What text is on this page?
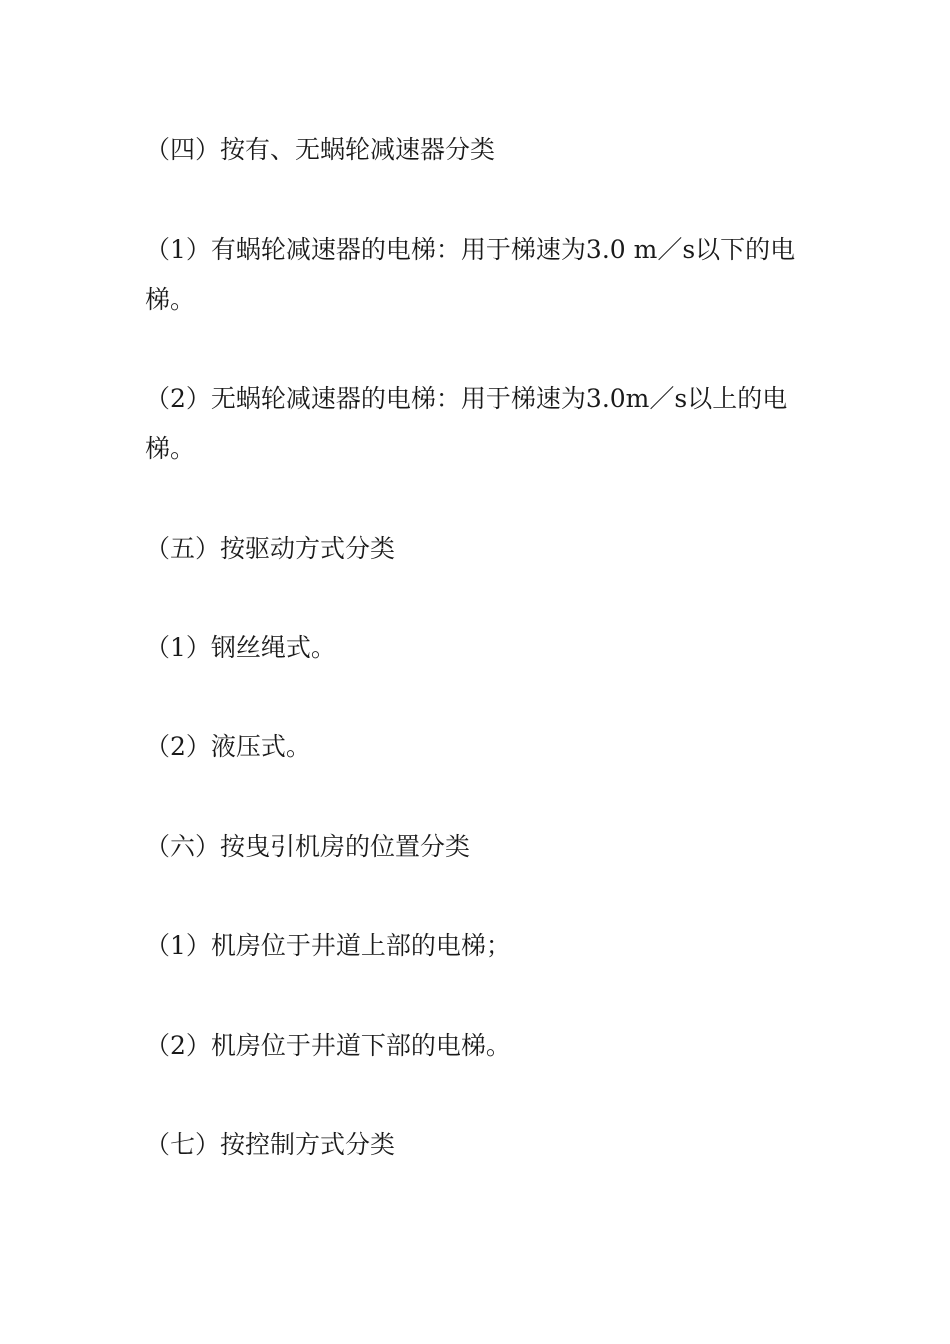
（四）按有、无蜗轮减速器分类

（1）有蜗轮减速器的电梯：用于梯速为3.0 m／s以下的电梯。

（2）无蜗轮减速器的电梯：用于梯速为3.0m／s以上的电梯。

（五）按驱动方式分类

（1）钢丝绳式。

（2）液压式。

（六）按曳引机房的位置分类

（1）机房位于井道上部的电梯；

（2）机房位于井道下部的电梯。

（七）按控制方式分类
